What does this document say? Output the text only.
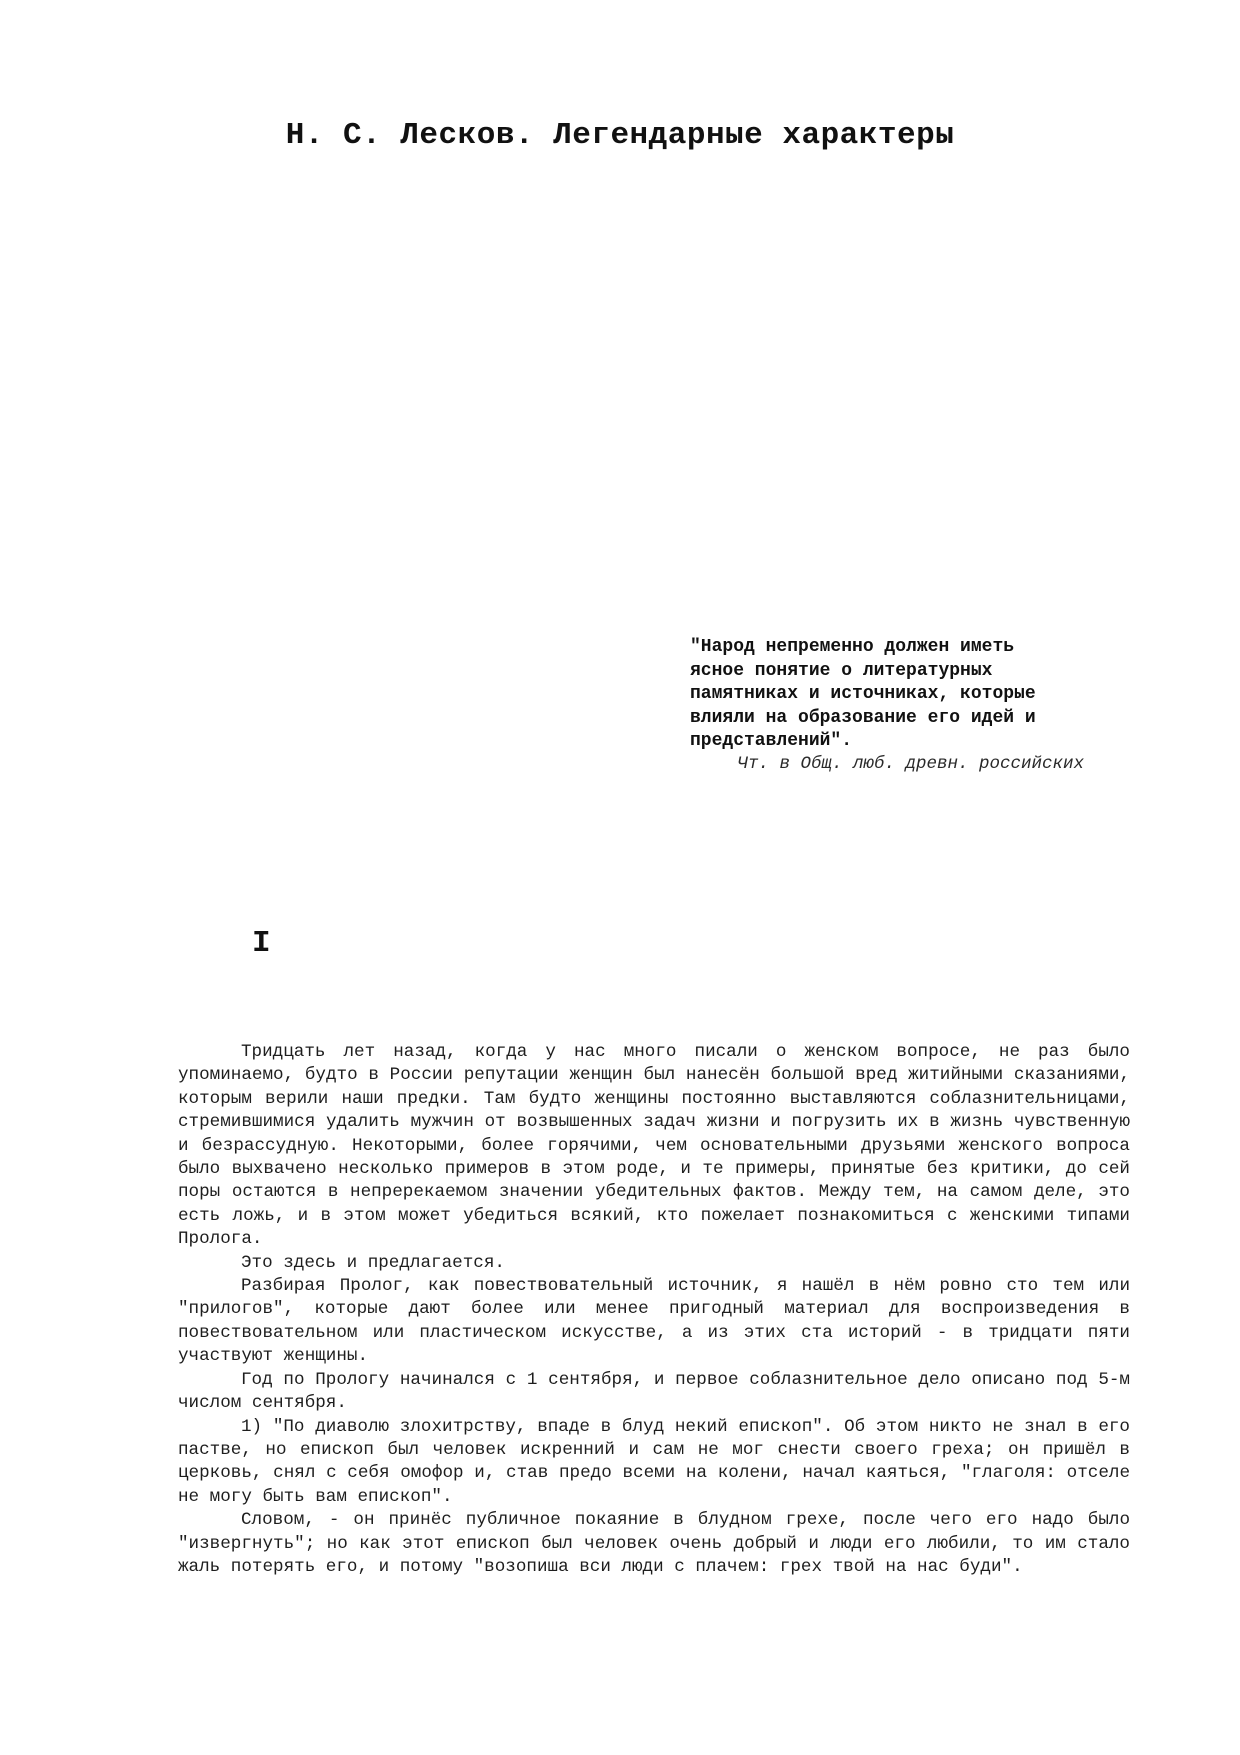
Н. С. Лесков. Легендарные характеры

"Народ непременно должен иметь
ясное понятие о литературных
памятниках и источниках, которые
влияли на образование его идей и
представлений".

Чт. в Общ. люб. древн. российских

I

Тридцать лет назад, когда у нас много писали о женском вопросе, не раз было упоминаемо, будто в России репутации женщин был нанесён большой вред житийными сказаниями, которым верили наши предки. Там будто женщины постоянно выставляются соблазнительницами, стремившимися удалить мужчин от возвышенных задач жизни и погрузить их в жизнь чувственную и безрассудную. Некоторыми, более горячими, чем основательными друзьями женского вопроса было выхвачено несколько примеров в этом роде, и те примеры, принятые без критики, до сей поры остаются в непререкаемом значении убедительных фактов. Между тем, на самом деле, это есть ложь, и в этом может убедиться всякий, кто пожелает познакомиться с женскими типами Пролога.

Это здесь и предлагается.

Разбирая Пролог, как повествовательный источник, я нашёл в нём ровно сто тем или "прилогов", которые дают более или менее пригодный материал для воспроизведения в повествовательном или пластическом искусстве, а из этих ста историй - в тридцати пяти участвуют женщины.

Год по Прологу начинался с 1 сентября, и первое соблазнительное дело описано под 5-м числом сентября.

1) "По диаволю злохитрству, впаде в блуд некий епископ". Об этом никто не знал в его пастве, но епископ был человек искренний и сам не мог снести своего греха; он пришёл в церковь, снял с себя омофор и, став предо всеми на колени, начал каяться, "глаголя: отселе не могу быть вам епископ".

Словом, - он принёс публичное покаяние в блудном грехе, после чего его надо было "извергнуть"; но как этот епископ был человек очень добрый и люди его любили, то им стало жаль потерять его, и потому "возопиша вси люди с плачем: грех твой на нас буди".
